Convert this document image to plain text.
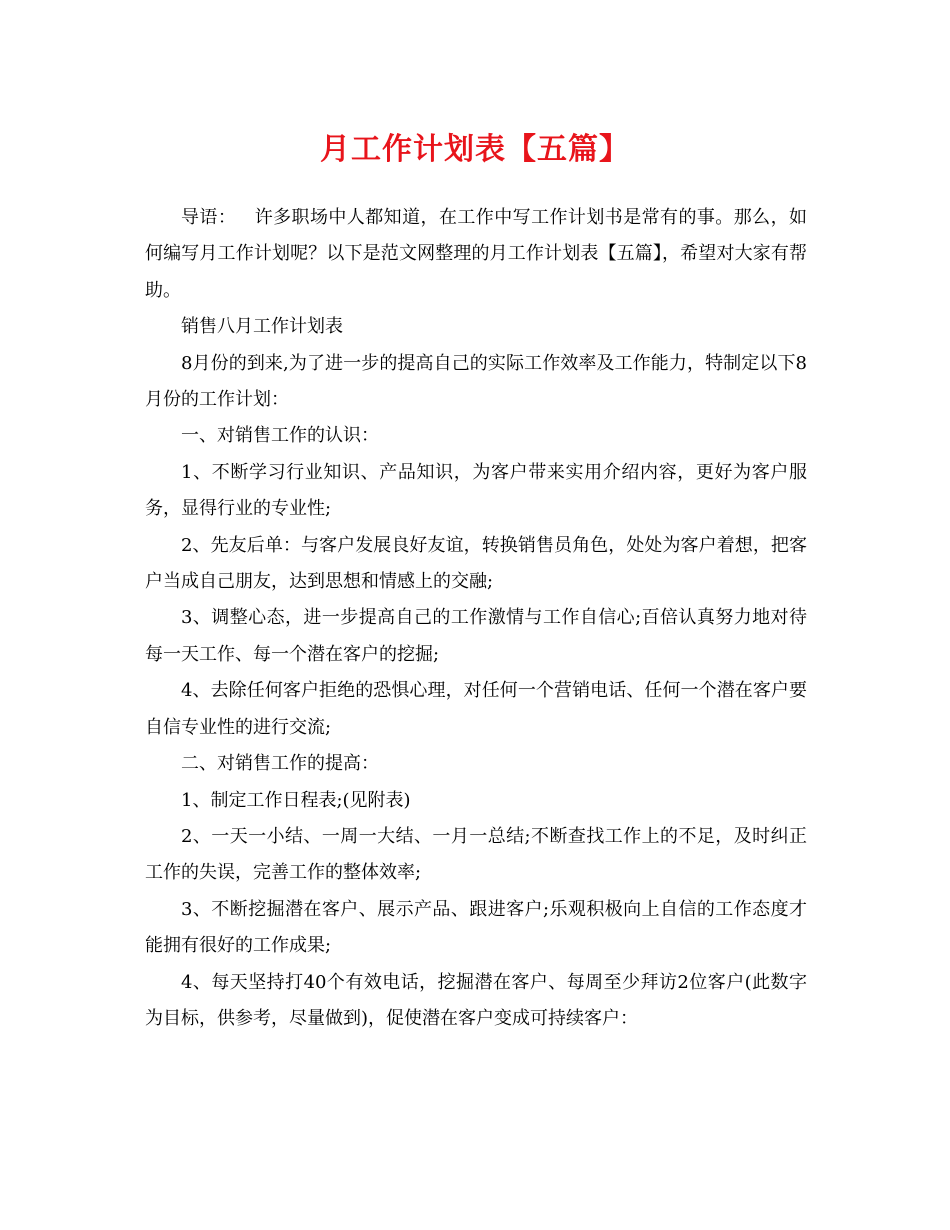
月工作计划表【五篇】

导语： 许多职场中人都知道，在工作中写工作计划书是常有的事。那么，如何编写月工作计划呢？以下是范文网整理的月工作计划表【五篇】，希望对大家有帮助。

销售八月工作计划表

8月份的到来,为了进一步的提高自己的实际工作效率及工作能力，特制定以下8月份的工作计划：

一、对销售工作的认识：

1、不断学习行业知识、产品知识，为客户带来实用介绍内容，更好为客户服务，显得行业的专业性;

2、先友后单：与客户发展良好友谊，转换销售员角色，处处为客户着想，把客户当成自己朋友，达到思想和情感上的交融;

3、调整心态，进一步提高自己的工作激情与工作自信心;百倍认真努力地对待每一天工作、每一个潜在客户的挖掘;

4、去除任何客户拒绝的恐惧心理，对任何一个营销电话、任何一个潜在客户要自信专业性的进行交流;

二、对销售工作的提高：

1、制定工作日程表;(见附表)

2、一天一小结、一周一大结、一月一总结;不断查找工作上的不足，及时纠正工作的失误，完善工作的整体效率;

3、不断挖掘潜在客户、展示产品、跟进客户;乐观积极向上自信的工作态度才能拥有很好的工作成果;

4、每天坚持打40个有效电话，挖掘潜在客户、每周至少拜访2位客户(此数字为目标，供参考，尽量做到)，促使潜在客户变成可持续客户：
